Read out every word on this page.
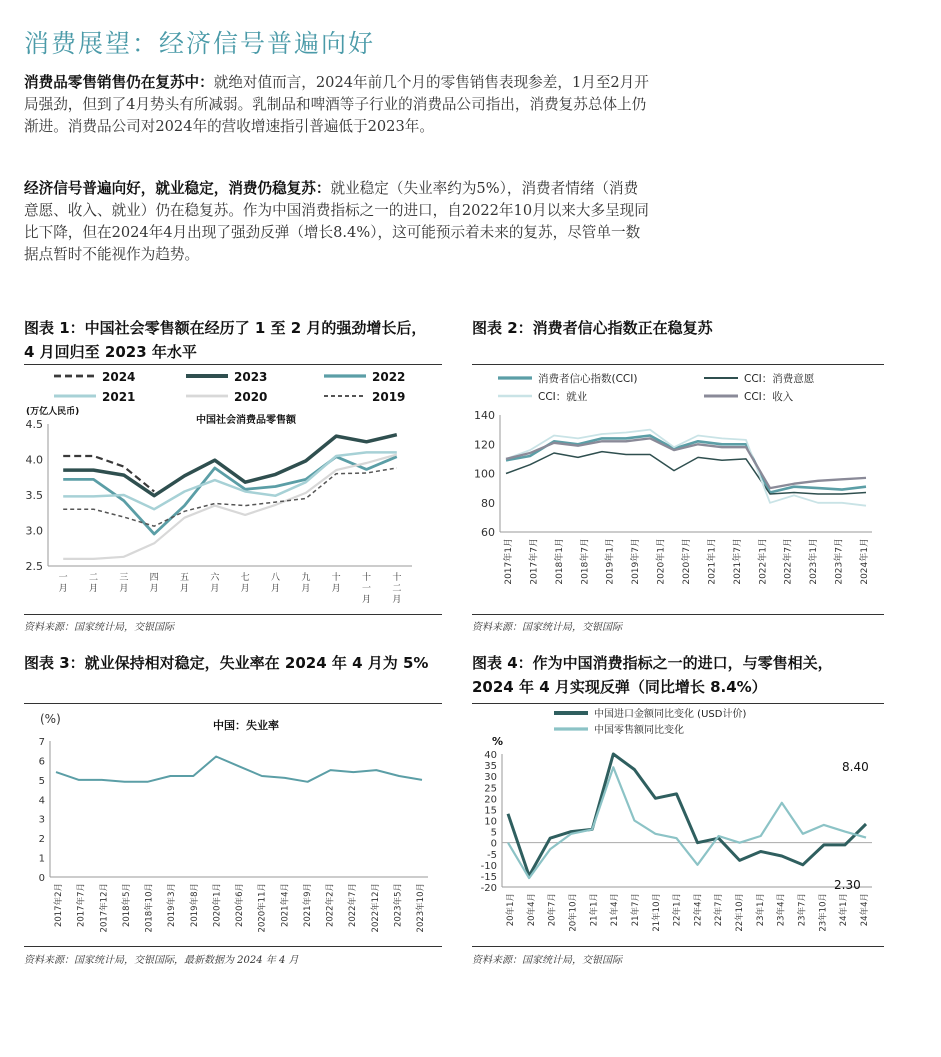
消费展望：经济信号普遍向好
消费品零售销售仍在复苏中：就绝对值而言，2024年前几个月的零售销售表现参差，1月至2月开局强劲，但到了4月势头有所减弱。乳制品和啤酒等子行业的消费品公司指出，消费复苏总体上仍渐进。消费品公司对2024年的营收增速指引普遍低于2023年。
经济信号普遍向好，就业稳定，消费仍稳复苏：就业稳定（失业率约为5%），消费者情绪（消费意愿、收入、就业）仍在稳复苏。作为中国消费指标之一的进口，自2022年10月以来大多呈现同比下降，但在2024年4月出现了强劲反弹（增长8.4%），这可能预示着未来的复苏，尽管单一数据点暂时不能视作为趋势。
图表 1：中国社会零售额在经历了 1 至 2 月的强劲增长后，4 月回归至 2023 年水平
图表 2：消费者信心指数正在稳复苏
图表 3：就业保持相对稳定，失业率在 2024 年 4 月为 5%	图表 4：作为中国消费指标之一的进口，与零售相关，2024 年 4 月实现反弹（同比增长 8.4%）
资料来源：国家统计局，交银国际	资料来源：国家统计局，交银国际
资料来源：国家统计局，交银国际，最新数据为 2024 年 4 月	资料来源：国家统计局，交银国际
2024	2023	2022
2021	2020	2019
(万亿人民币)
中国社会消费品零售额
2.5
3.0
3.5
4.0
4.5
一月
二月
三月
四月
五月
六月
七月
八月
九月
十月
十一月
十二月
消费者信心指数(CCI)	CCI：消费意愿
CCI：就业	CCI：收入
60
80
100
120
140
2017年1月 2017年7月 2018年1月 2018年7月 2019年1月 2019年7月 2020年1月 2020年7月 2021年1月 2021年7月 2022年1月 2022年7月 2023年1月 2023年7月 2024年1月
(%)	中国：失业率
0
1
2
3
4
5
6
7
2017年2月 2017年7月 2017年12月 2018年5月 2018年10月 2019年3月 2019年8月 2020年1月 2020年6月 2020年11月 2021年4月 2021年9月 2022年2月 2022年7月 2022年12月 2023年5月 2023年10月
中国进口金额同比变化 (USD计价)
中国零售额同比变化
%
-20
-15
-10
-5
0
5
10
15
20
25
30
35
40
20年1月 20年4月 20年7月 20年10月 21年1月 21年4月 21年7月 21年10月 22年1月 22年4月 22年7月 22年10月 23年1月 23年4月 23年7月 23年10月 24年1月 24年4月
8.40
2.30
